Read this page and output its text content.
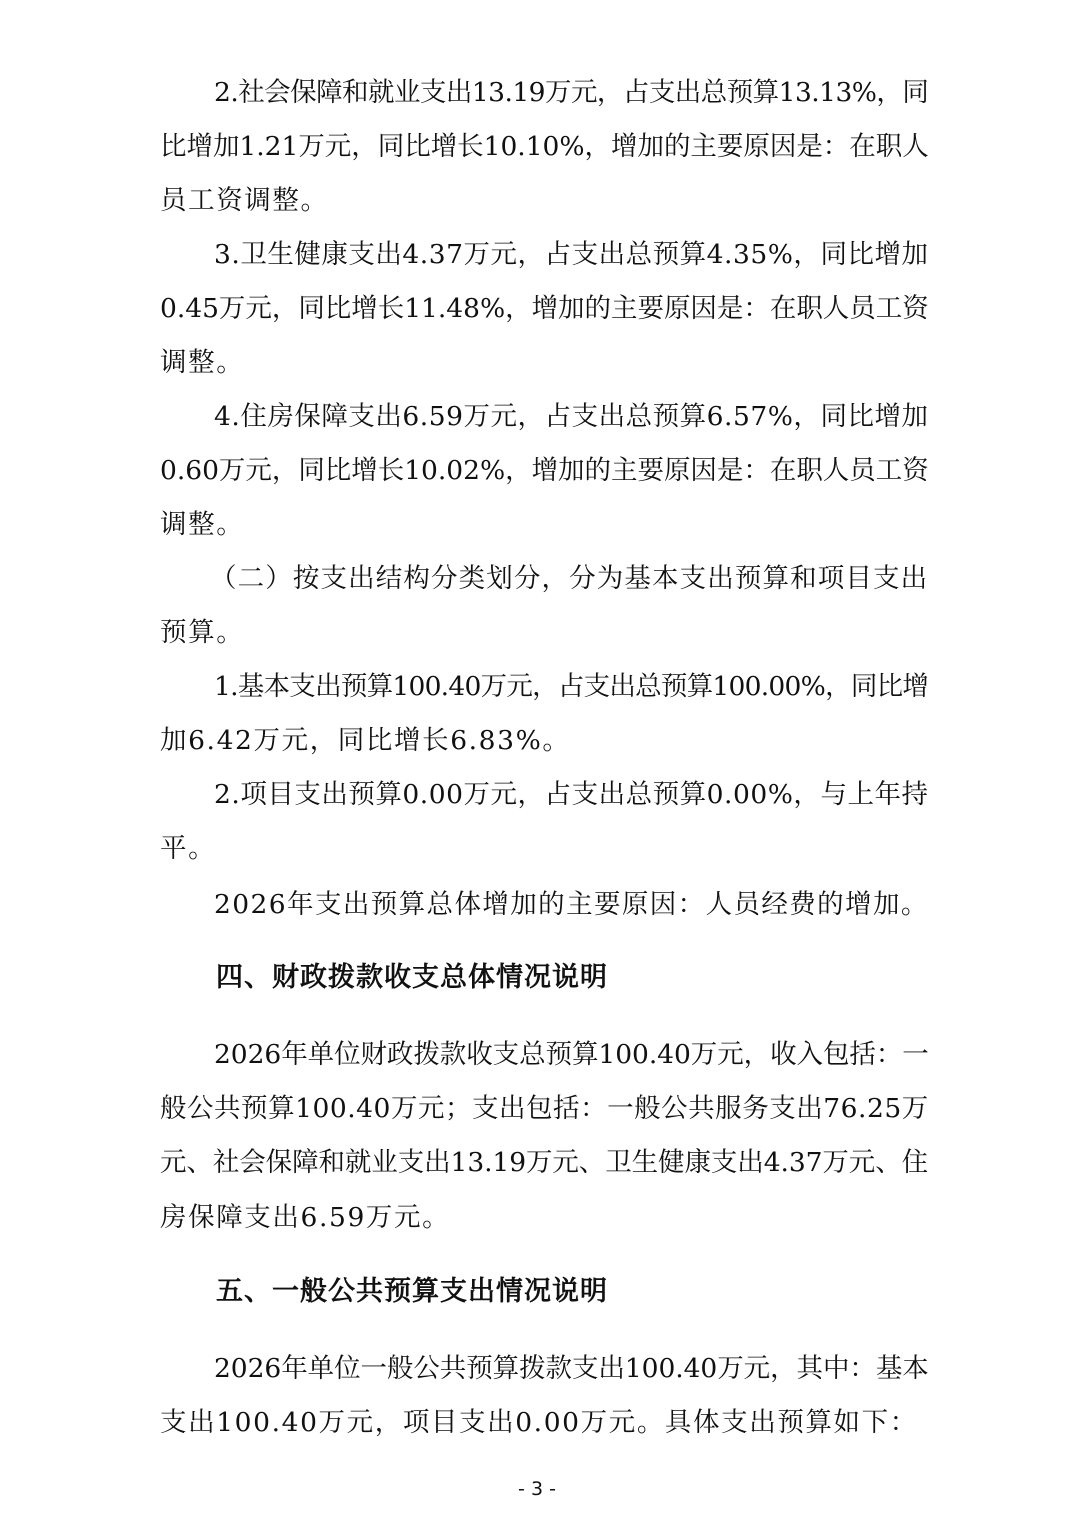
2.社会保障和就业支出13.19万元，占支出总预算13.13%，同
比增加1.21万元，同比增长10.10%，增加的主要原因是：在职人
员工资调整。

3.卫生健康支出4.37万元，占支出总预算4.35%，同比增加
0.45万元，同比增长11.48%，增加的主要原因是：在职人员工资
调整。

4.住房保障支出6.59万元，占支出总预算6.57%，同比增加
0.60万元，同比增长10.02%，增加的主要原因是：在职人员工资
调整。

（二）按支出结构分类划分，分为基本支出预算和项目支出
预算。

1.基本支出预算100.40万元，占支出总预算100.00%，同比增
加6.42万元，同比增长6.83%。

2.项目支出预算0.00万元，占支出总预算0.00%，与上年持
平。

2026年支出预算总体增加的主要原因：人员经费的增加。

四、财政拨款收支总体情况说明

2026年单位财政拨款收支总预算100.40万元，收入包括：一
般公共预算100.40万元；支出包括：一般公共服务支出76.25万
元、社会保障和就业支出13.19万元、卫生健康支出4.37万元、住
房保障支出6.59万元。

五、一般公共预算支出情况说明

2026年单位一般公共预算拨款支出100.40万元，其中：基本
支出100.40万元，项目支出0.00万元。具体支出预算如下：

- 3 -
